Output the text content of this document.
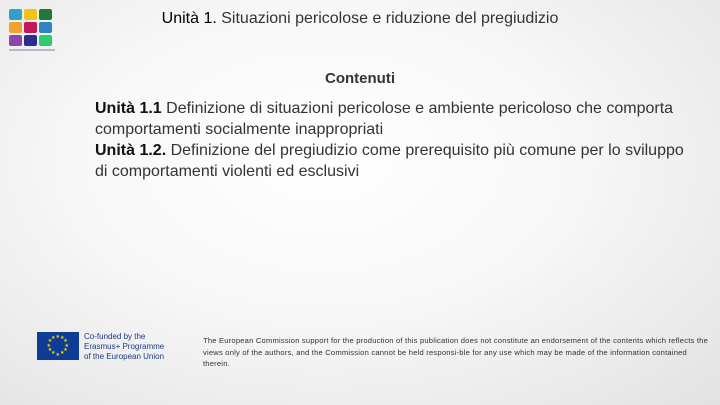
Unità 1. Situazioni pericolose e riduzione del pregiudizio
Contenuti

Unità 1.1 Definizione di situazioni pericolose e ambiente pericoloso che comporta comportamenti socialmente inappropriati

Unità 1.2. Definizione del pregiudizio come prerequisito più comune per lo sviluppo di comportamenti violenti ed esclusivi

★
★
★
★
★
★
★
★
★ ★ ★
★ Co-funded by the
Erasmus+ Programme
of the European Union
The European Commission support for the production of this publication does not constitute an endorsement of the contents which reflects the views only of the authors, and the Commission cannot be held responsi-ble for any use which may be made of the information contained therein.
